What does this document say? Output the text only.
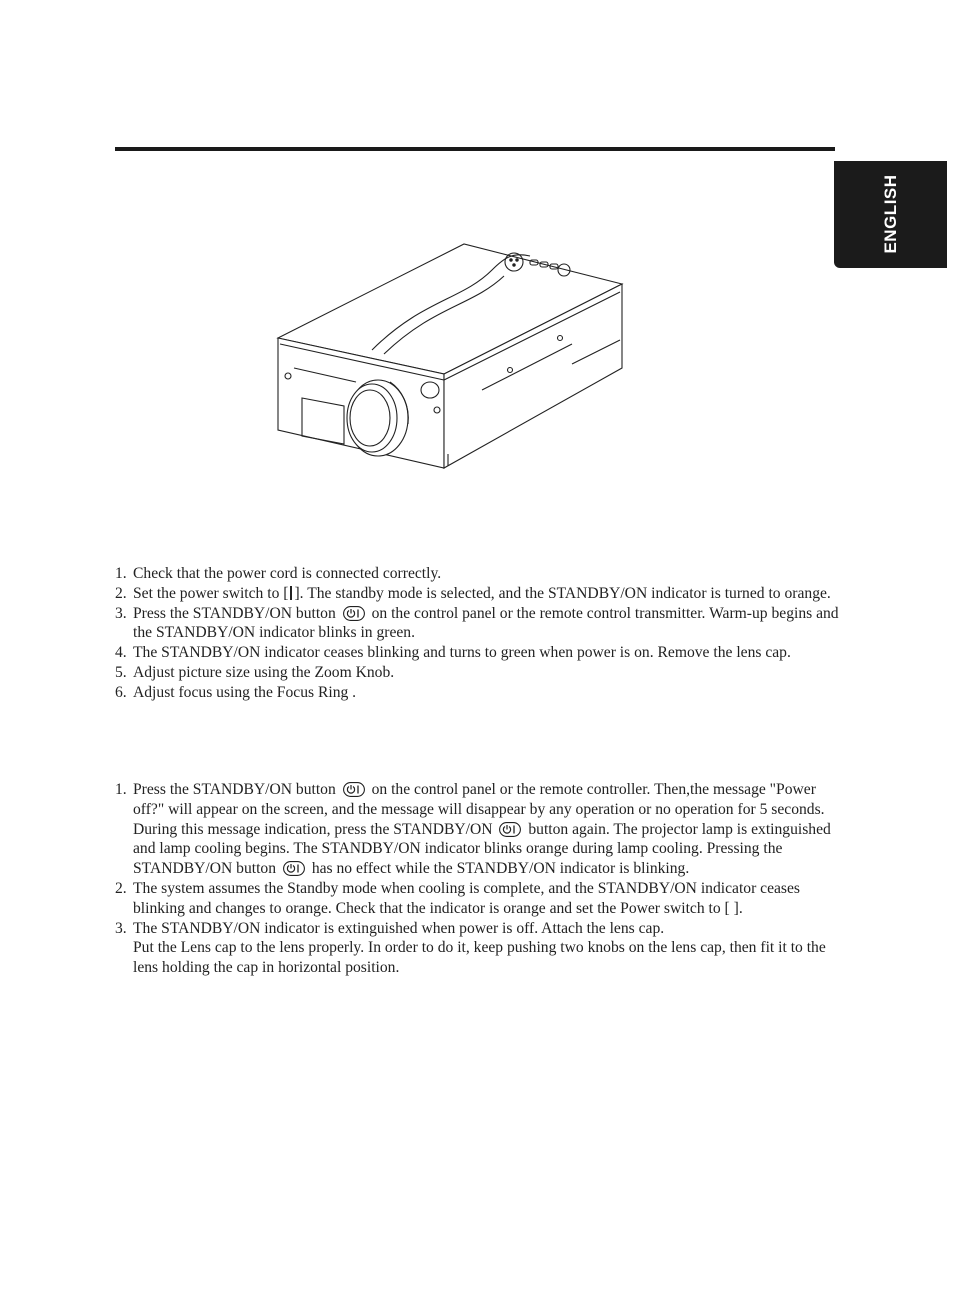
ENGLISH
1. Check that the power cord is connected correctly.
2. Set the power switch to [ ]. The standby mode is selected, and the STANDBY/ON indicator is turned to orange.
3. Press the STANDBY/ON button on the control panel or the remote control transmitter. Warm-up begins and the STANDBY/ON indicator blinks in green.
4. The STANDBY/ON indicator ceases blinking and turns to green when power is on. Remove the lens cap.
5. Adjust picture size using the Zoom Knob.
6. Adjust focus using the Focus Ring .
1. Press the STANDBY/ON button on the control panel or the remote controller. Then,the message "Power off?" will appear on the screen, and the message will disappear by any operation or no operation for 5 seconds. During this message indication, press the STANDBY/ON button again. The projector lamp is extinguished and lamp cooling begins. The STANDBY/ON indicator blinks orange during lamp cooling. Pressing the STANDBY/ON button has no effect while the STANDBY/ON indicator is blinking.
2. The system assumes the Standby mode when cooling is complete, and the STANDBY/ON indicator ceases blinking and changes to orange. Check that the indicator is orange and set the Power switch to [ ].
3. The STANDBY/ON indicator is extinguished when power is off. Attach the lens cap.
Put the Lens cap to the lens properly. In order to do it, keep pushing two knobs on the lens cap, then fit it to the lens holding the cap in horizontal position.
